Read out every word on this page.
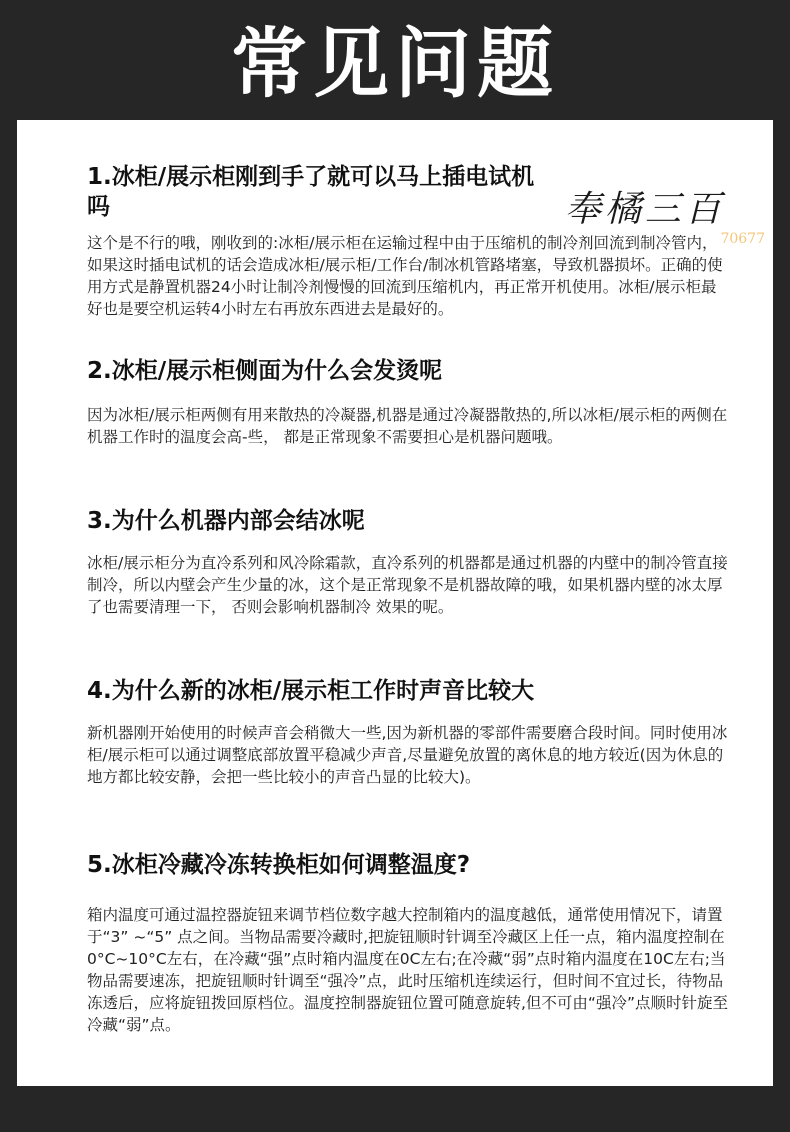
常见问题
奉橘三百
70677

1.冰柜/展示柜刚到手了就可以马上插电试机吗

这个是不行的哦，刚收到的:冰柜/展示柜在运输过程中由于压缩机的制冷剂回流到制冷管内，如果这时插电试机的话会造成冰柜/展示柜/工作台/制冰机管路堵塞，导致机器损坏。正确的使用方式是静置机器24小时让制冷剂慢慢的回流到压缩机内，再正常开机使用。冰柜/展示柜最好也是要空机运转4小时左右再放东西进去是最好的。

2.冰柜/展示柜侧面为什么会发烫呢

因为冰柜/展示柜两侧有用来散热的冷凝器,机器是通过冷凝器散热的,所以冰柜/展示柜的两侧在机器工作时的温度会高-些， 都是正常现象不需要担心是机器问题哦。

3.为什么机器内部会结冰呢

冰柜/展示柜分为直冷系列和风冷除霜款，直冷系列的机器都是通过机器的内壁中的制冷管直接制冷，所以内壁会产生少量的冰，这个是正常现象不是机器故障的哦，如果机器内壁的冰太厚了也需要清理一下， 否则会影响机器制冷 效果的呢。

4.为什么新的冰柜/展示柜工作时声音比较大

新机器刚开始使用的时候声音会稍微大一些,因为新机器的零部件需要磨合段时间。同时使用冰柜/展示柜可以通过调整底部放置平稳减少声音,尽量避免放置的离休息的地方较近(因为休息的地方都比较安静，会把一些比较小的声音凸显的比较大)。

5.冰柜冷藏冷冻转换柜如何调整温度?

箱内温度可通过温控器旋钮来调节档位数字越大控制箱内的温度越低，通常使用情况下，请置于“3” ~“5” 点之间。当物品需要冷藏时,把旋钮顺时针调至冷藏区上任一点，箱内温度控制在0°C~10°C左右，在冷藏“强”点时箱内温度在0C左右;在冷藏“弱”点时箱内温度在10C左右;当物品需要速冻，把旋钮顺时针调至“强冷”点，此时压缩机连续运行，但时间不宜过长，待物品冻透后，应将旋钮拨回原档位。温度控制器旋钮位置可随意旋转,但不可由“强冷”点顺时针旋至冷藏“弱”点。
